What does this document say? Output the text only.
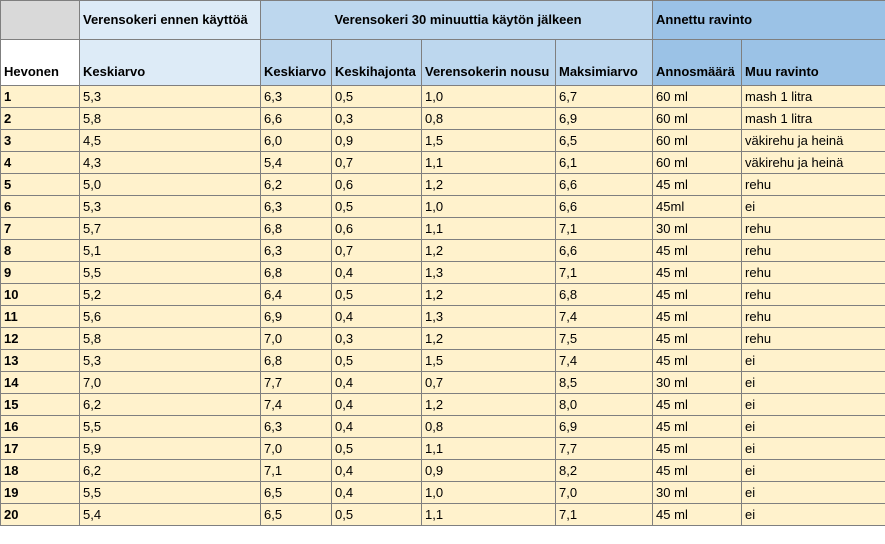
	Verensokeri ennen käyttöä	Verensokeri 30 minuuttia käytön jälkeen				Annettu ravinto	
Hevonen	Keskiarvo	Keskiarvo	Keskihajonta	Verensokerin nousu	Maksimiarvo	Annosmäärä	Muu ravinto
1	5,3	6,3	0,5	1,0	6,7	60 ml	mash 1 litra
2	5,8	6,6	0,3	0,8	6,9	60 ml	mash 1 litra
3	4,5	6,0	0,9	1,5	6,5	60 ml	väkirehu ja heinä
4	4,3	5,4	0,7	1,1	6,1	60 ml	väkirehu ja heinä
5	5,0	6,2	0,6	1,2	6,6	45 ml	rehu
6	5,3	6,3	0,5	1,0	6,6	45ml	ei
7	5,7	6,8	0,6	1,1	7,1	30 ml	rehu
8	5,1	6,3	0,7	1,2	6,6	45 ml	rehu
9	5,5	6,8	0,4	1,3	7,1	45 ml	rehu
10	5,2	6,4	0,5	1,2	6,8	45 ml	rehu
11	5,6	6,9	0,4	1,3	7,4	45 ml	rehu
12	5,8	7,0	0,3	1,2	7,5	45 ml	rehu
13	5,3	6,8	0,5	1,5	7,4	45 ml	ei
14	7,0	7,7	0,4	0,7	8,5	30 ml	ei
15	6,2	7,4	0,4	1,2	8,0	45 ml	ei
16	5,5	6,3	0,4	0,8	6,9	45 ml	ei
17	5,9	7,0	0,5	1,1	7,7	45 ml	ei
18	6,2	7,1	0,4	0,9	8,2	45 ml	ei
19	5,5	6,5	0,4	1,0	7,0	30 ml	ei
20	5,4	6,5	0,5	1,1	7,1	45 ml	ei
